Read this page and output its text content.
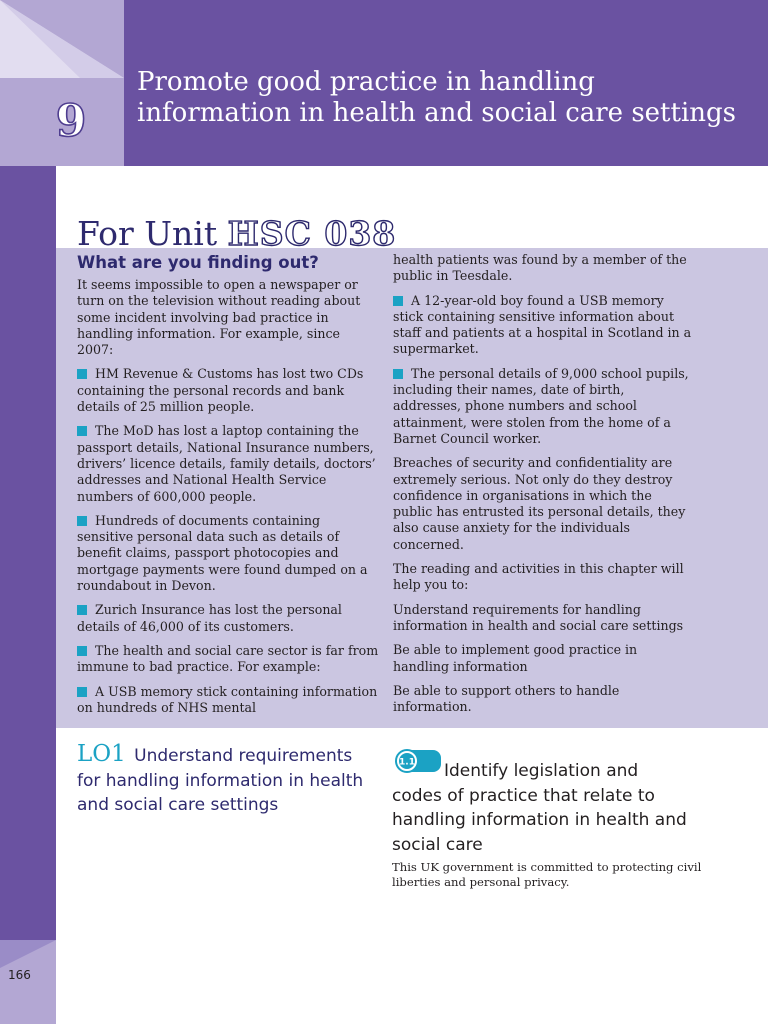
166
9
Promote good practice in handling information in health and social care settings
For Unit HSC 038
What are you finding out?

It seems impossible to open a newspaper or turn on the television without reading about some incident involving bad practice in handling information. For example, since 2007:

HM Revenue & Customs has lost two CDs containing the personal records and bank details of 25 million people.

The MoD has lost a laptop containing the passport details, National Insurance numbers, drivers’ licence details, family details, doctors’ addresses and National Health Service numbers of 600,000 people.

Hundreds of documents containing sensitive personal data such as details of benefit claims, passport photocopies and mortgage payments were found dumped on a roundabout in Devon.

Zurich Insurance has lost the personal details of 46,000 of its customers.

The health and social care sector is far from immune to bad practice. For example:

A USB memory stick containing information on hundreds of NHS mental

health patients was found by a member of the public in Teesdale.

A 12-year-old boy found a USB memory stick containing sensitive information about staff and patients at a hospital in Scotland in a supermarket.

The personal details of 9,000 school pupils, including their names, date of birth, addresses, phone numbers and school attainment, were stolen from the home of a Barnet Council worker.

Breaches of security and confidentiality are extremely serious. Not only do they destroy confidence in organisations in which the public has entrusted its personal details, they also cause anxiety for the individuals concerned.

The reading and activities in this chapter will help you to:

Understand requirements for handling information in health and social care settings

Be able to implement good practice in handling information

Be able to support others to handle information.

LO1 Understand requirements for handling information in health and social care settings
1.1	Identify legislation and codes of practice that relate to handling information in health and social care
This UK government is committed to protecting civil liberties and personal privacy.
